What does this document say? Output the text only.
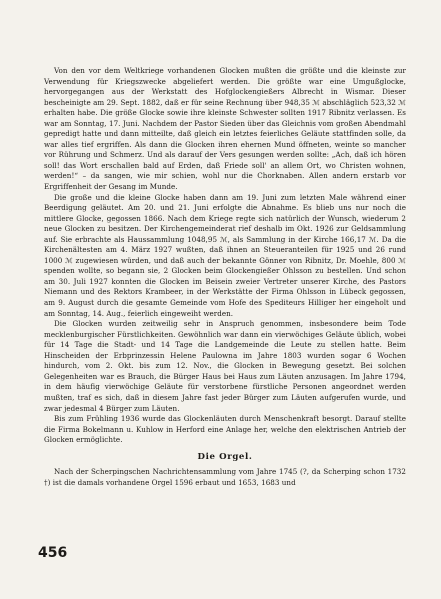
Von den vor dem Weltkriege vorhandenen Glocken mußten die größte und die kleinste zur Verwendung für Kriegszwecke abgeliefert werden. Die größte war eine Umgußglocke, hervorgegangen aus der Werkstatt des Hofglockengießers Albrecht in Wismar. Dieser bescheinigte am 29. Sept. 1882, daß er für seine Rechnung über 948,35 ℳ abschläglich 523,32 ℳ erhalten habe. Die größe Glocke sowie ihre kleinste Schwester sollten 1917 Ribnitz verlassen. Es war am Sonntag, 17. Juni. Nachdem der Pastor Sieden über das Gleichnis vom großen Abendmahl gepredigt hatte und dann mitteilte, daß gleich ein letztes feierliches Geläute stattfinden solle, da war alles tief ergriffen. Als dann die Glocken ihren ehernen Mund öffneten, weinte so mancher vor Rührung und Schmerz. Und als darauf der Vers gesungen werden sollte: „Ach, daß ich hören soll! das Wort erschallen bald auf Erden, daß Friede soll' an allem Ort, wo Christen wohnen, werden!“ – da sangen, wie mir schien, wohl nur die Chorknaben. Allen andern erstarb vor Ergriffenheit der Gesang im Munde.

Die große und die kleine Glocke haben dann am 19. Juni zum letzten Male während einer Beerdigung geläutet. Am 20. und 21. Juni erfolgte die Abnahme. Es blieb uns nur noch die mittlere Glocke, gegossen 1866. Nach dem Kriege regte sich natürlich der Wunsch, wiederum 2 neue Glocken zu besitzen. Der Kirchengemeinderat rief deshalb im Okt. 1926 zur Geldsammlung auf. Sie erbrachte als Haussammlung 1048,95 ℳ, als Sammlung in der Kirche 166,17 ℳ. Da die Kirchenältesten am 4. März 1927 wußten, daß ihnen an Steueranteilen für 1925 und 26 rund 1000 ℳ zugewiesen würden, und daß auch der bekannte Gönner von Ribnitz, Dr. Moehle, 800 ℳ spenden wollte, so begann sie, 2 Glocken beim Glockengießer Ohlsson zu bestellen. Und schon am 30. Juli 1927 konnten die Glocken im Beisein zweier Vertreter unserer Kirche, des Pastors Niemann und des Rektors Krambeer, in der Werkstätte der Firma Ohlsson in Lübeck gegossen, am 9. August durch die gesamte Gemeinde vom Hofe des Spediteurs Hilliger her eingeholt und am Sonntag, 14. Aug., feierlich eingeweiht werden.

Die Glocken wurden zeitweilig sehr in Anspruch genommen, insbesondere beim Tode mecklenburgischer Fürstlichkeiten. Gewöhnlich war dann ein vierwöchiges Geläute üblich, wobei für 14 Tage die Stadt- und 14 Tage die Landgemeinde die Leute zu stellen hatte. Beim Hinscheiden der Erbprinzessin Helene Paulowna im Jahre 1803 wurden sogar 6 Wochen hindurch, vom 2. Okt. bis zum 12. Nov., die Glocken in Bewegung gesetzt. Bei solchen Gelegenheiten war es Brauch, die Bürger Haus bei Haus zum Läuten anzusagen. Im Jahre 1794, in dem häufig vierwöchige Geläute für verstorbene fürstliche Personen angeordnet werden mußten, traf es sich, daß in diesem Jahre fast jeder Bürger zum Läuten aufgerufen wurde, und zwar jedesmal 4 Bürger zum Läuten.

Bis zum Frühling 1936 wurde das Glockenläuten durch Menschenkraft besorgt. Darauf stellte die Firma Bokelmann u. Kuhlow in Herford eine Anlage her, welche den elektrischen Antrieb der Glocken ermöglichte.

Die Orgel.

Nach der Scherpingschen Nachrichtensammlung vom Jahre 1745 (?, da Scherping schon 1732 †) ist die damals vorhandene Orgel 1596 erbaut und 1653, 1683 und

456
